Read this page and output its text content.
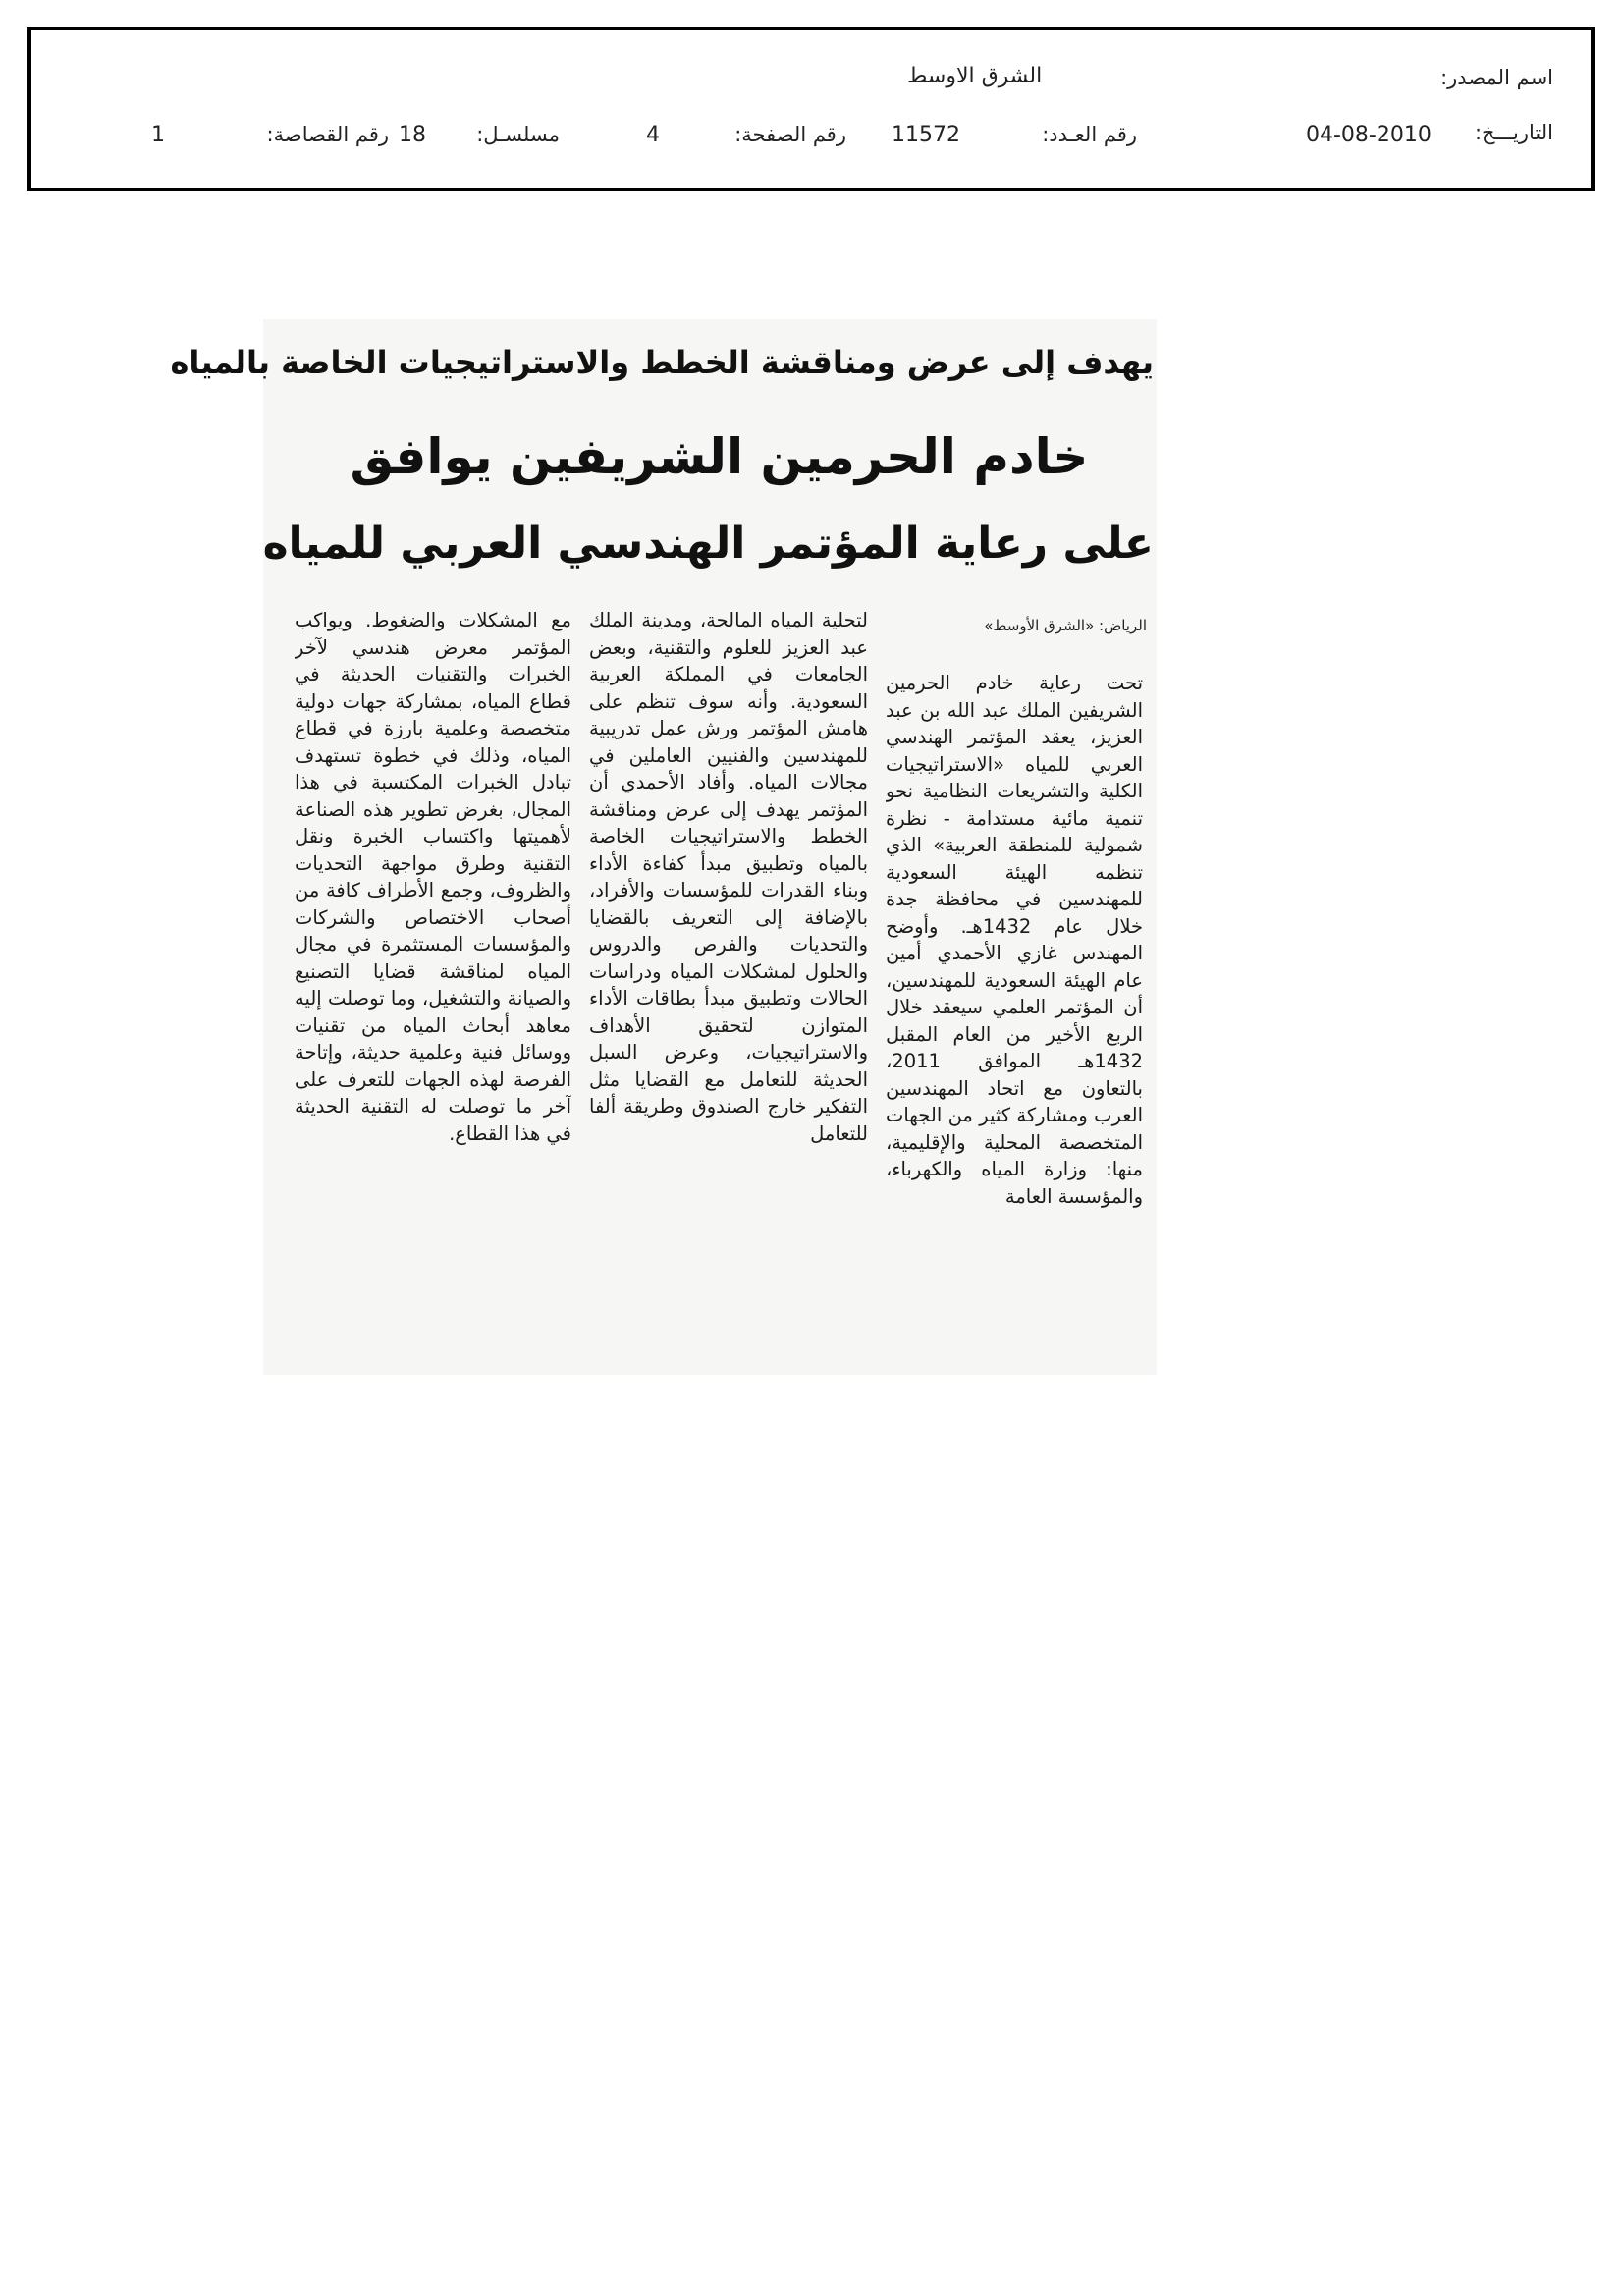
اسم المصدر:
الشرق الاوسط
التاريـــخ:
04-08-2010
رقم العـدد:
11572
رقم الصفحة:
4
مسلسـل:
18
رقم القصاصة:
1
يهدف إلى عرض ومناقشة الخطط والاستراتيجيات الخاصة بالمياه
خادم الحرمين الشريفين يوافق
على رعاية المؤتمر الهندسي العربي للمياه
الرياض: «الشرق الأوسط»
تحت رعاية خادم الحرمين الشريفين الملك عبد الله بن عبد العزيز، يعقد المؤتمر الهندسي العربي للمياه «الاستراتيجيات الكلية والتشريعات النظامية نحو تنمية مائية مستدامة - نظرة شمولية للمنطقة العربية» الذي تنظمه الهيئة السعودية للمهندسين في محافظة جدة خلال عام 1432هـ. وأوضح المهندس غازي الأحمدي أمين عام الهيئة السعودية للمهندسين، أن المؤتمر العلمي سيعقد خلال الربع الأخير من العام المقبل 1432هـ الموافق 2011، بالتعاون مع اتحاد المهندسين العرب ومشاركة كثير من الجهات المتخصصة المحلية والإقليمية، منها: وزارة المياه والكهرباء، والمؤسسة العامة
لتحلية المياه المالحة، ومدينة الملك عبد العزيز للعلوم والتقنية، وبعض الجامعات في المملكة العربية السعودية. وأنه سوف تنظم على هامش المؤتمر ورش عمل تدريبية للمهندسين والفنيين العاملين في مجالات المياه. وأفاد الأحمدي أن المؤتمر يهدف إلى عرض ومناقشة الخطط والاستراتيجيات الخاصة بالمياه وتطبيق مبدأ كفاءة الأداء وبناء القدرات للمؤسسات والأفراد، بالإضافة إلى التعريف بالقضايا والتحديات والفرص والدروس والحلول لمشكلات المياه ودراسات الحالات وتطبيق مبدأ بطاقات الأداء المتوازن لتحقيق الأهداف والاستراتيجيات، وعرض السبل الحديثة للتعامل مع القضايا مثل التفكير خارج الصندوق وطريقة ألفا للتعامل
مع المشكلات والضغوط. ويواكب المؤتمر معرض هندسي لآخر الخبرات والتقنيات الحديثة في قطاع المياه، بمشاركة جهات دولية متخصصة وعلمية بارزة في قطاع المياه، وذلك في خطوة تستهدف تبادل الخبرات المكتسبة في هذا المجال، بغرض تطوير هذه الصناعة لأهميتها واكتساب الخبرة ونقل التقنية وطرق مواجهة التحديات والظروف، وجمع الأطراف كافة من أصحاب الاختصاص والشركات والمؤسسات المستثمرة في مجال المياه لمناقشة قضايا التصنيع والصيانة والتشغيل، وما توصلت إليه معاهد أبحاث المياه من تقنيات ووسائل فنية وعلمية حديثة، وإتاحة الفرصة لهذه الجهات للتعرف على آخر ما توصلت له التقنية الحديثة في هذا القطاع.
